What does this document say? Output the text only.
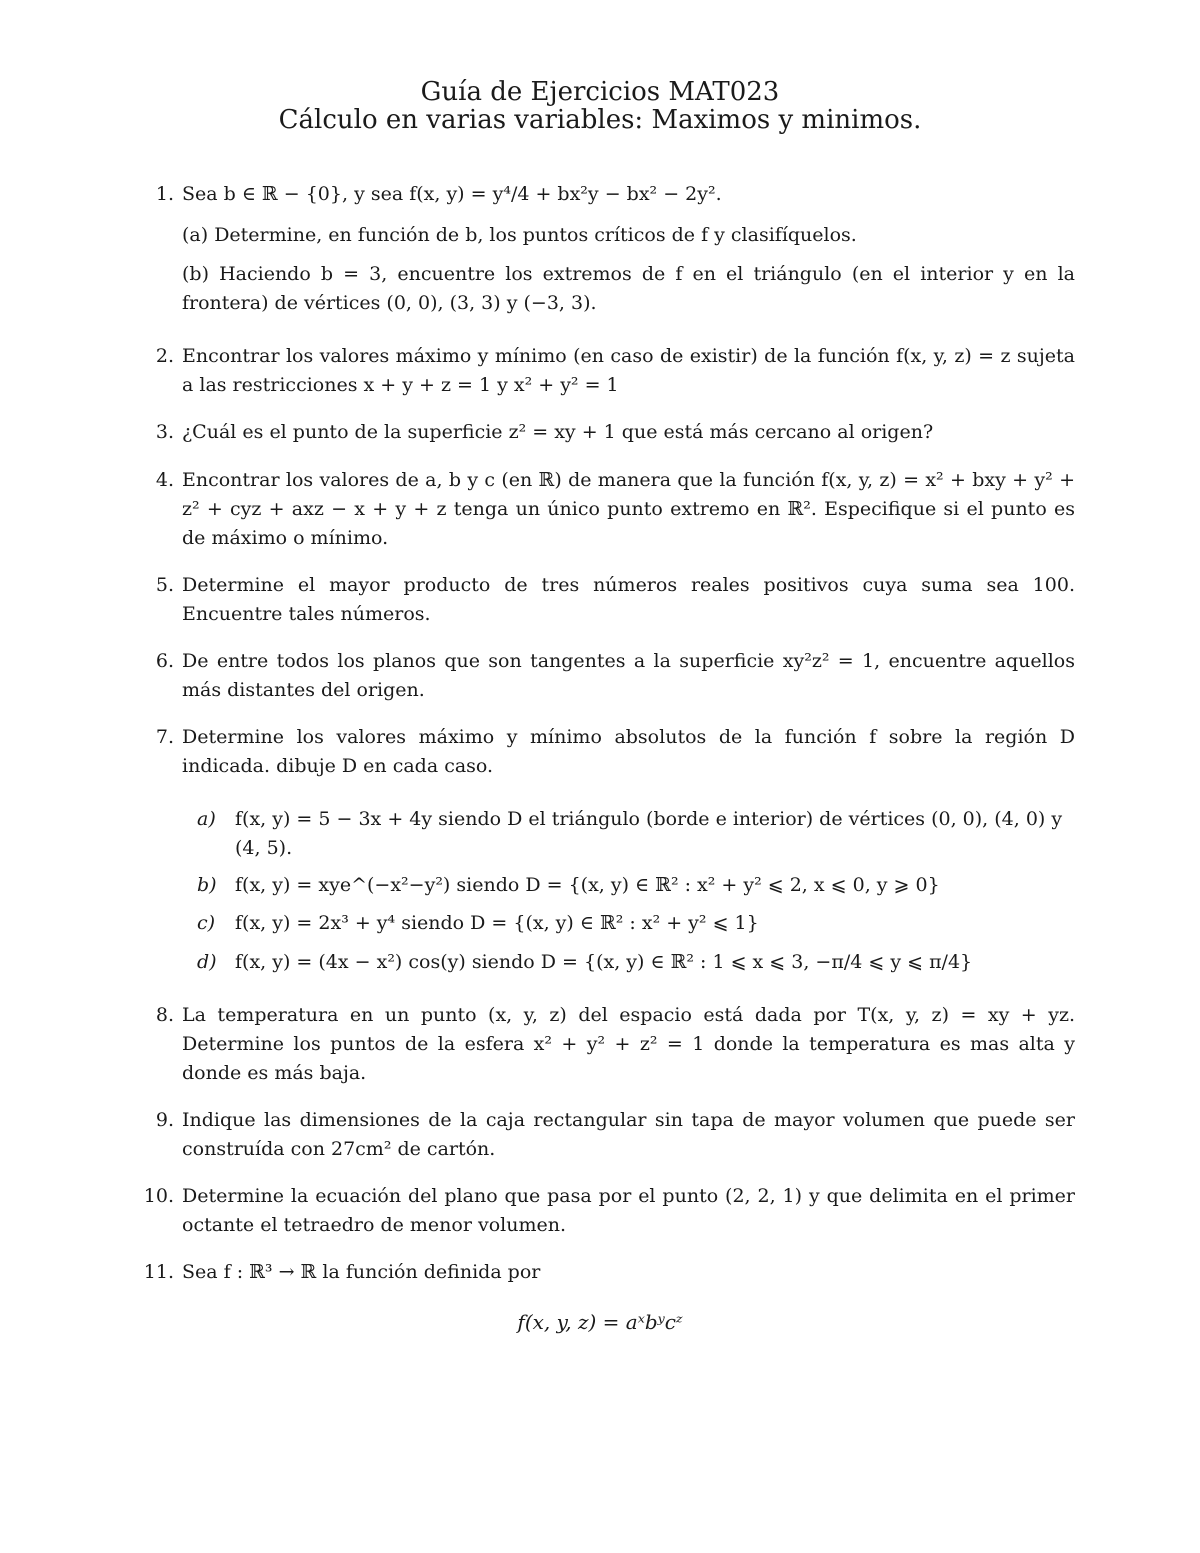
Guía de Ejercicios MAT023
Cálculo en varias variables: Maximos y minimos.
1. Sea b ∈ ℝ − {0}, y sea f(x, y) = y⁴/4 + bx²y − bx² − 2y².
(a) Determine, en función de b, los puntos críticos de f y clasifíquelos.
(b) Haciendo b = 3, encuentre los extremos de f en el triángulo (en el interior y en la frontera) de vértices (0, 0), (3, 3) y (−3, 3).
2. Encontrar los valores máximo y mínimo (en caso de existir) de la función f(x, y, z) = z sujeta a las restricciones x + y + z = 1 y x² + y² = 1
3. ¿Cuál es el punto de la superficie z² = xy + 1 que está más cercano al origen?
4. Encontrar los valores de a, b y c (en ℝ) de manera que la función f(x, y, z) = x² + bxy + y² + z² + cyz + axz − x + y + z tenga un único punto extremo en ℝ². Especifique si el punto es de máximo o mínimo.
5. Determine el mayor producto de tres números reales positivos cuya suma sea 100. Encuentre tales números.
6. De entre todos los planos que son tangentes a la superficie xy²z² = 1, encuentre aquellos más distantes del origen.
7. Determine los valores máximo y mínimo absolutos de la función f sobre la región D indicada. dibuje D en cada caso.
a) f(x, y) = 5 − 3x + 4y siendo D el triángulo (borde e interior) de vértices (0, 0), (4, 0) y (4, 5).
b) f(x, y) = xye^(−x²−y²) siendo D = {(x, y) ∈ ℝ² : x² + y² ⩽ 2, x ⩽ 0, y ⩾ 0}
c) f(x, y) = 2x³ + y⁴ siendo D = {(x, y) ∈ ℝ² : x² + y² ⩽ 1}
d) f(x, y) = (4x − x²) cos(y) siendo D = {(x, y) ∈ ℝ² : 1 ⩽ x ⩽ 3, −π/4 ⩽ y ⩽ π/4}
8. La temperatura en un punto (x, y, z) del espacio está dada por T(x, y, z) = xy + yz. Determine los puntos de la esfera x² + y² + z² = 1 donde la temperatura es mas alta y donde es más baja.
9. Indique las dimensiones de la caja rectangular sin tapa de mayor volumen que puede ser construída con 27cm² de cartón.
10. Determine la ecuación del plano que pasa por el punto (2, 2, 1) y que delimita en el primer octante el tetraedro de menor volumen.
11. Sea f : ℝ³ → ℝ la función definida por
f(x, y, z) = aˣbʸcᶻ
